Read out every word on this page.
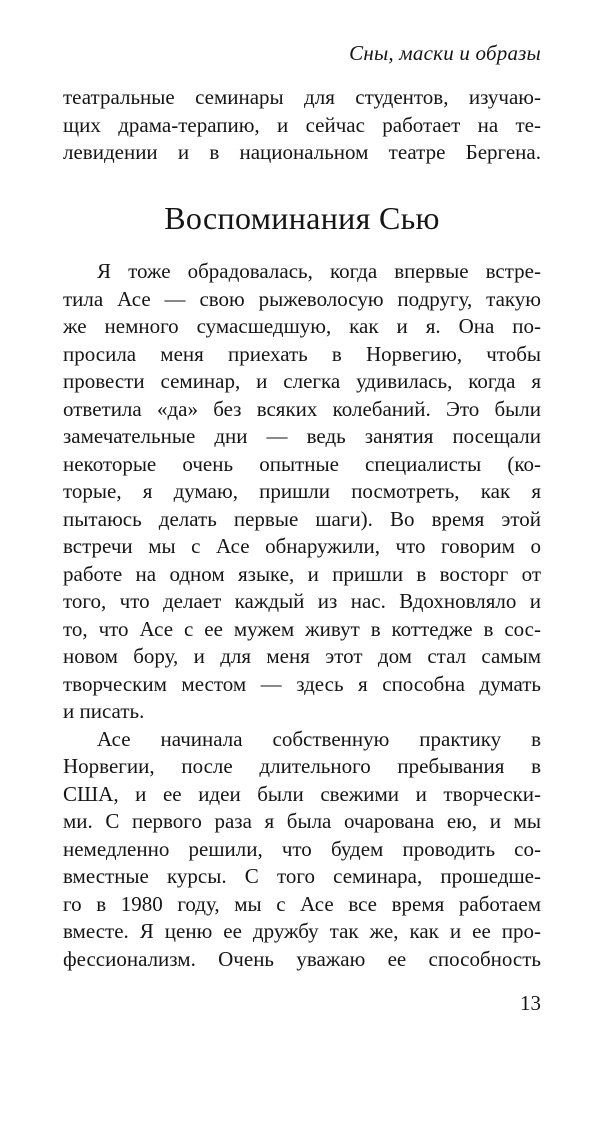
Сны, маски и образы
театральные семинары для студентов, изучаю-
щих драма-терапию, и сейчас работает на те-
левидении и в национальном театре Бергена.
Воспоминания Сью
Я тоже обрадовалась, когда впервые встре-
тила Асе — свою рыжеволосую подругу, такую
же немного сумасшедшую, как и я. Она по-
просила меня приехать в Норвегию, чтобы
провести семинар, и слегка удивилась, когда я
ответила «да» без всяких колебаний. Это были
замечательные дни — ведь занятия посещали
некоторые очень опытные специалисты (ко-
торые, я думаю, пришли посмотреть, как я
пытаюсь делать первые шаги). Во время этой
встречи мы с Асе обнаружили, что говорим о
работе на одном языке, и пришли в восторг от
того, что делает каждый из нас. Вдохновляло и
то, что Асе с ее мужем живут в коттедже в сос-
новом бору, и для меня этот дом стал самым
творческим местом — здесь я способна думать
и писать.
Асе начинала собственную практику в
Норвегии, после длительного пребывания в
США, и ее идеи были свежими и творчески-
ми. С первого раза я была очарована ею, и мы
немедленно решили, что будем проводить со-
вместные курсы. С того семинара, прошедше-
го в 1980 году, мы с Асе все время работаем
вместе. Я ценю ее дружбу так же, как и ее про-
фессионализм. Очень уважаю ее способность
13
